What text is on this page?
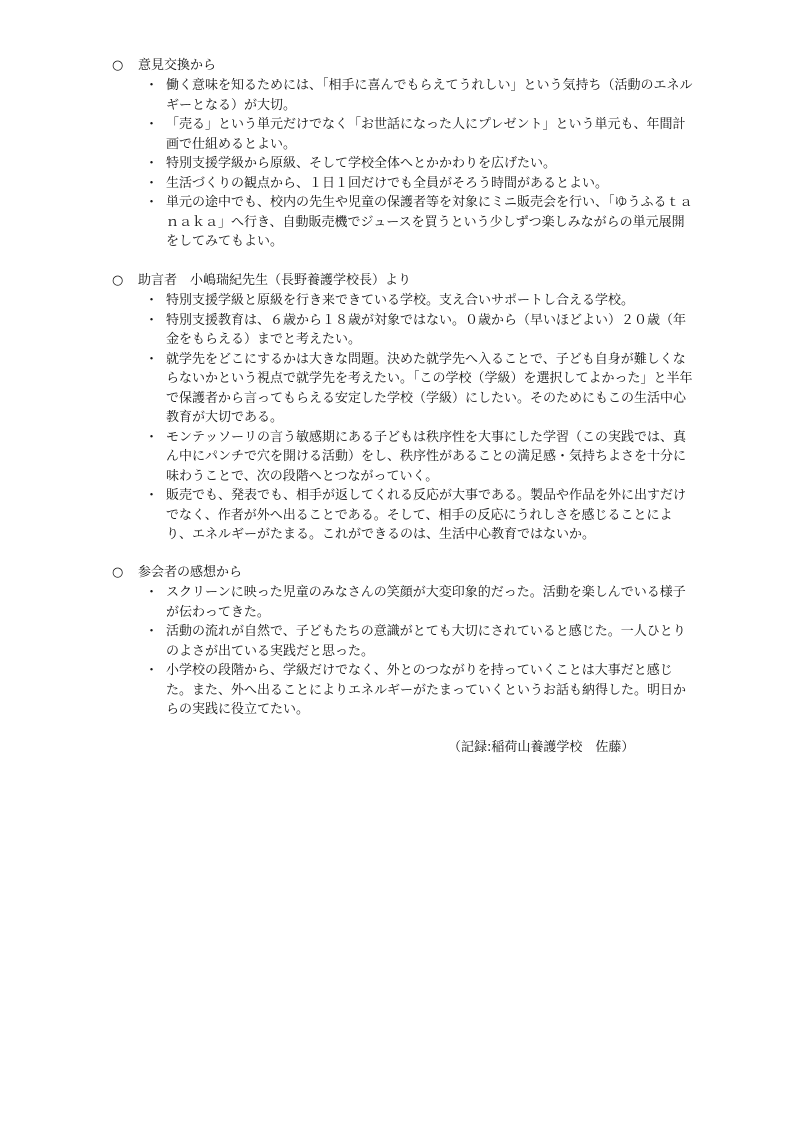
○ 意見交換から
・ 働く意味を知るためには、「相手に喜んでもらえてうれしい」という気持ち（活動のエネルギーとなる）が大切。
・ 「売る」という単元だけでなく「お世話になった人にプレゼント」という単元も、年間計画で仕組めるとよい。
・ 特別支援学級から原級、そして学校全体へとかかわりを広げたい。
・ 生活づくりの観点から、１日１回だけでも全員がそろう時間があるとよい。
・ 単元の途中でも、校内の先生や児童の保護者等を対象にミニ販売会を行い、「ゆうふるｔａｎａｋａ」へ行き、自動販売機でジュースを買うという少しずつ楽しみながらの単元展開をしてみてもよい。
○ 助言者　小嶋瑞紀先生（長野養護学校長）より
・ 特別支援学級と原級を行き来できている学校。支え合いサポートし合える学校。
・ 特別支援教育は、６歳から１８歳が対象ではない。０歳から（早いほどよい）２０歳（年金をもらえる）までと考えたい。
・ 就学先をどこにするかは大きな問題。決めた就学先へ入ることで、子ども自身が難しくならないかという視点で就学先を考えたい。「この学校（学級）を選択してよかった」と半年で保護者から言ってもらえる安定した学校（学級）にしたい。そのためにもこの生活中心教育が大切である。
・ モンテッソーリの言う敏感期にある子どもは秩序性を大事にした学習（この実践では、真ん中にパンチで穴を開ける活動）をし、秩序性があることの満足感・気持ちよさを十分に味わうことで、次の段階へとつながっていく。
・ 販売でも、発表でも、相手が返してくれる反応が大事である。製品や作品を外に出すだけでなく、作者が外へ出ることである。そして、相手の反応にうれしさを感じることにより、エネルギーがたまる。これができるのは、生活中心教育ではないか。
○ 参会者の感想から
・ スクリーンに映った児童のみなさんの笑顔が大変印象的だった。活動を楽しんでいる様子が伝わってきた。
・ 活動の流れが自然で、子どもたちの意識がとても大切にされていると感じた。一人ひとりのよさが出ている実践だと思った。
・ 小学校の段階から、学級だけでなく、外とのつながりを持っていくことは大事だと感じた。また、外へ出ることによりエネルギーがたまっていくというお話も納得した。明日からの実践に役立てたい。
（記録:稲荷山養護学校　佐藤）
